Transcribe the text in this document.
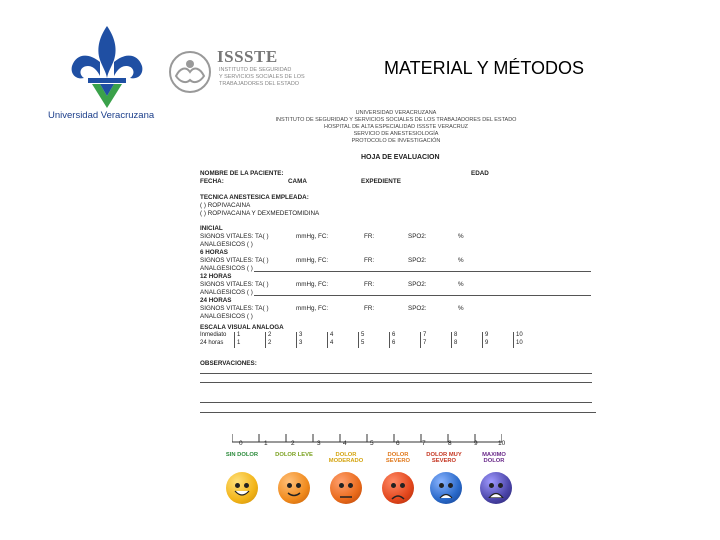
Universidad Veracruzana
ISSSTE
INSTITUTO DE SEGURIDAD
Y SERVICIOS SOCIALES DE LOS
TRABAJADORES DEL ESTADO
MATERIAL Y MÉTODOS
UNIVERSIDAD VERACRUZANA
INSTITUTO DE SEGURIDAD Y SERVICIOS SOCIALES DE LOS TRABAJADORES DEL ESTADO
HOSPITAL DE ALTA ESPECIALIDAD ISSSTE VERACRUZ
SERVICIO DE ANESTESIOLOGÍA
PROTOCOLO DE INVESTIGACIÓN
HOJA DE EVALUACION
NOMBRE DE LA PACIENTE:	EDAD
FECHA:	CAMA	EXPEDIENTE
TECNICA ANESTESICA EMPLEADA:
( ) ROPIVACAINA
( ) ROPIVACAINA Y DEXMEDETOMIDINA
INICIAL
SIGNOS VITALES: TA( )	mmHg, FC:	FR:	SPO2:	%
ANALGESICOS ( )
6 HORAS
SIGNOS VITALES: TA( )	mmHg, FC:	FR:	SPO2:	%
ANALGESICOS ( )
12 HORAS
SIGNOS VITALES: TA( )	mmHg, FC:	FR:	SPO2:	%
ANALGESICOS ( )
24 HORAS
SIGNOS VITALES: TA( )	mmHg, FC:	FR:	SPO2:	%
ANALGESICOS ( )
ESCALA VISUAL ANALOGA
Inmediato	1	2	3	4	5	6	7	8	9	10
24 horas	1	2	3	4	5	6	7	8	9	10
OBSERVACIONES:
0	1	2	3	4	5	6	7	8	9	10
SIN DOLOR	DOLOR LEVE	DOLOR MODERADO
DOLOR SEVERO
DOLOR MUY SEVERO
MAXIMO DOLOR
